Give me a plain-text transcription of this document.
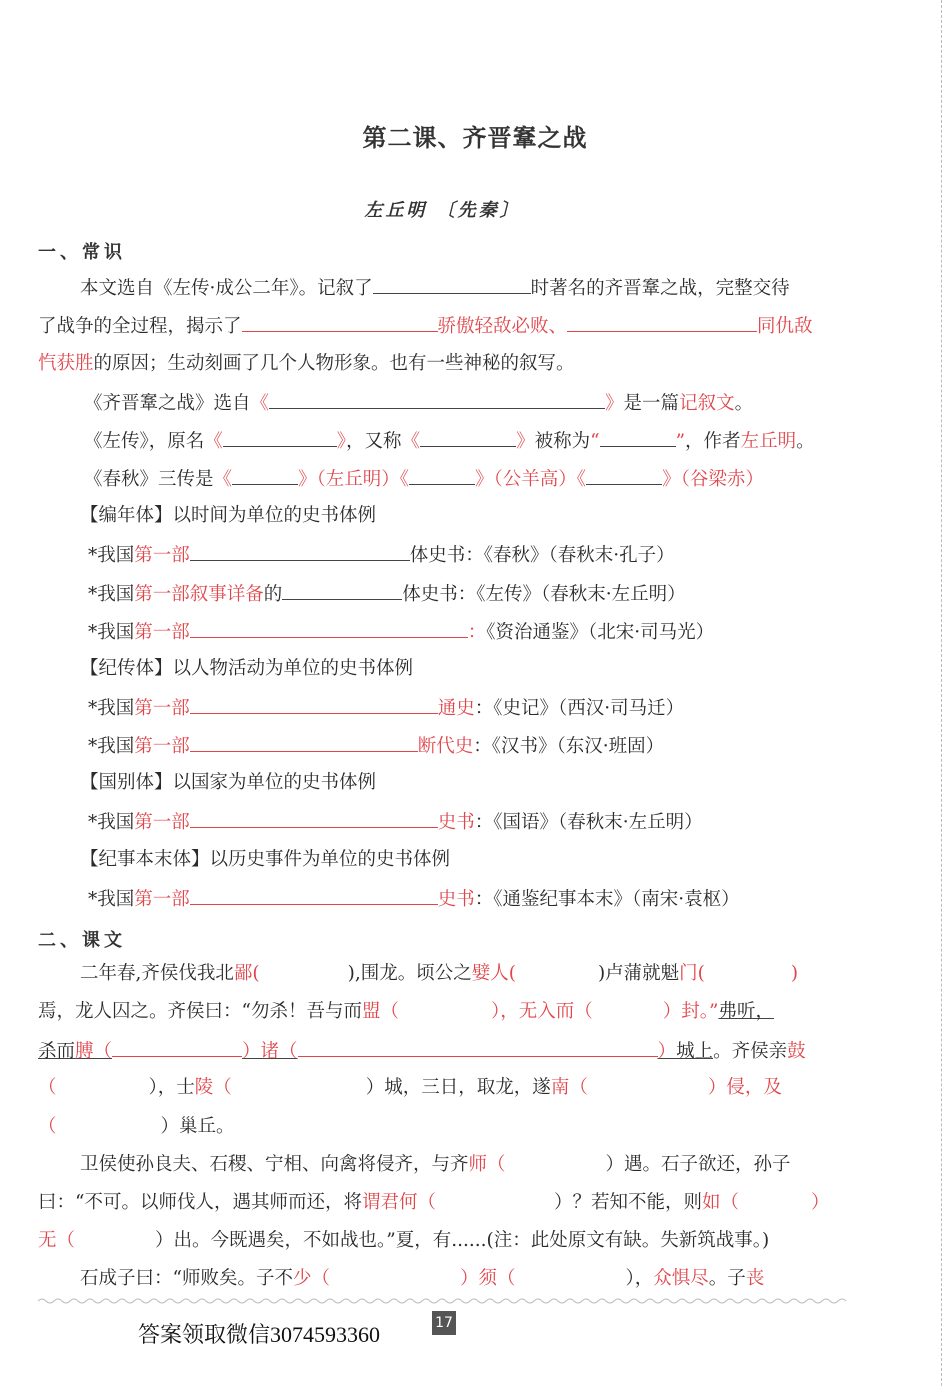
第二课、齐晋鞌之战
左丘明 〔先秦〕
一、常识
本文选自《左传·成公二年》。记叙了	时著名的齐晋鞌之战，完整交待
了战争的全过程，揭示了	骄傲轻敌必败、	同仇敌
忾获胜的原因；生动刻画了几个人物形象。也有一些神秘的叙写。
《齐晋鞌之战》选自《	》是一篇记叙文。
《左传》，原名《	》，又称《	》被称为“	”，作者左丘明。
《春秋》三传是《	》（左丘明）《	》（公羊高）《	》（谷梁赤）
【编年体】以时间为单位的史书体例
*我国第一部	体史书：《春秋》（春秋末·孔子）
*我国第一部叙事详备的	体史书：《左传》（春秋末·左丘明）
*我国第一部	：《资治通鉴》（北宋·司马光）
【纪传体】以人物活动为单位的史书体例
*我国第一部	通史：《史记》（西汉·司马迁）
*我国第一部	断代史：《汉书》（东汉·班固）
【国别体】以国家为单位的史书体例
*我国第一部	史书：《国语》（春秋末·左丘明）
【纪事本末体】以历史事件为单位的史书体例
*我国第一部	史书：《通鉴纪事本末》（南宋·袁枢）
二、课文
二年春,齐侯伐我北鄙(	),围龙。顷公之嬖人(	)卢蒲就魁门(	)
焉，龙人囚之。齐侯曰：“勿杀！吾与而盟（	），无入而（	）封。”弗听，
杀而膊（	）诸（	）城上。齐侯亲鼓
（	），士陵（	）城，三日，取龙，遂南（	）侵，及
（	）巢丘。
卫侯使孙良夫、石稷、宁相、向禽将侵齐，与齐师（	）遇。石子欲还，孙子
曰：“不可。以师伐人，遇其师而还，将谓君何（	）？若知不能，则如（	）
无（	）出。今既遇矣，不如战也。”夏，有......(注：此处原文有缺。失新筑战事。)
石成子曰：“师败矣。子不少（	）须（	），众惧尽。子丧
答案领取微信3074593360	17
